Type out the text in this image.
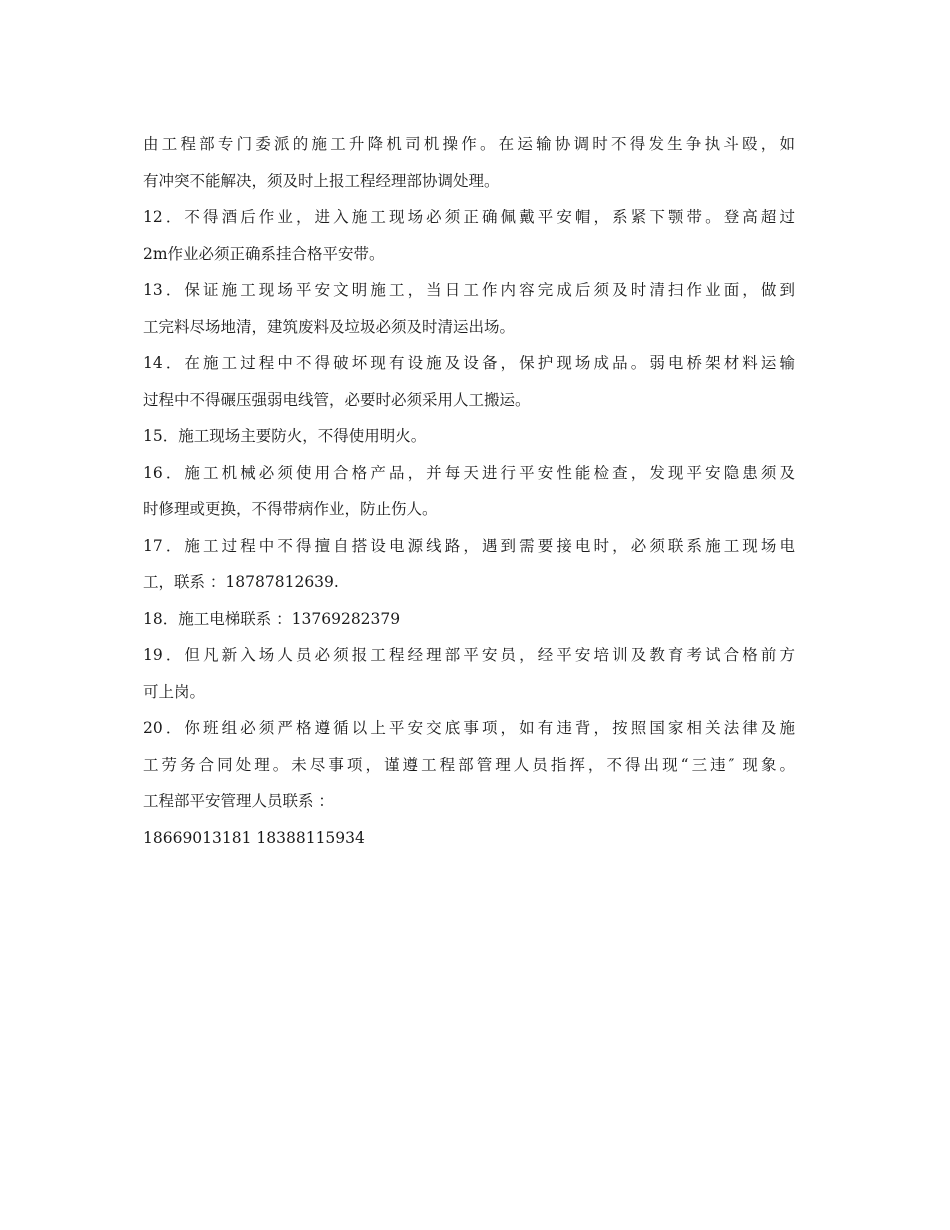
由工程部专门委派的施工升降机司机操作。在运输协调时不得发生争执斗殴，如
有冲突不能解决，须及时上报工程经理部协调处理。
12．不得酒后作业，进入施工现场必须正确佩戴平安帽，系紧下颚带。登高超过
2m作业必须正确系挂合格平安带。
13．保证施工现场平安文明施工，当日工作内容完成后须及时清扫作业面，做到
工完料尽场地清，建筑废料及垃圾必须及时清运出场。
14．在施工过程中不得破坏现有设施及设备，保护现场成品。弱电桥架材料运输
过程中不得碾压强弱电线管，必要时必须采用人工搬运。
15．施工现场主要防火，不得使用明火。
16．施工机械必须使用合格产品，并每天进行平安性能检查，发现平安隐患须及
时修理或更换，不得带病作业，防止伤人。
17．施工过程中不得擅自搭设电源线路，遇到需要接电时，必须联系施工现场电
工，联系 ：18787812639.
18．施工电梯联系 ：13769282379
19．但凡新入场人员必须报工程经理部平安员，经平安培训及教育考试合格前方
可上岗。
20．你班组必须严格遵循以上平安交底事项，如有违背，按照国家相关法律及施
工劳务合同处理。未尽事项，谨遵工程部管理人员指挥，不得出现“三违″ 现象。
工程部平安管理人员联系 ：
18669013181 18388115934
